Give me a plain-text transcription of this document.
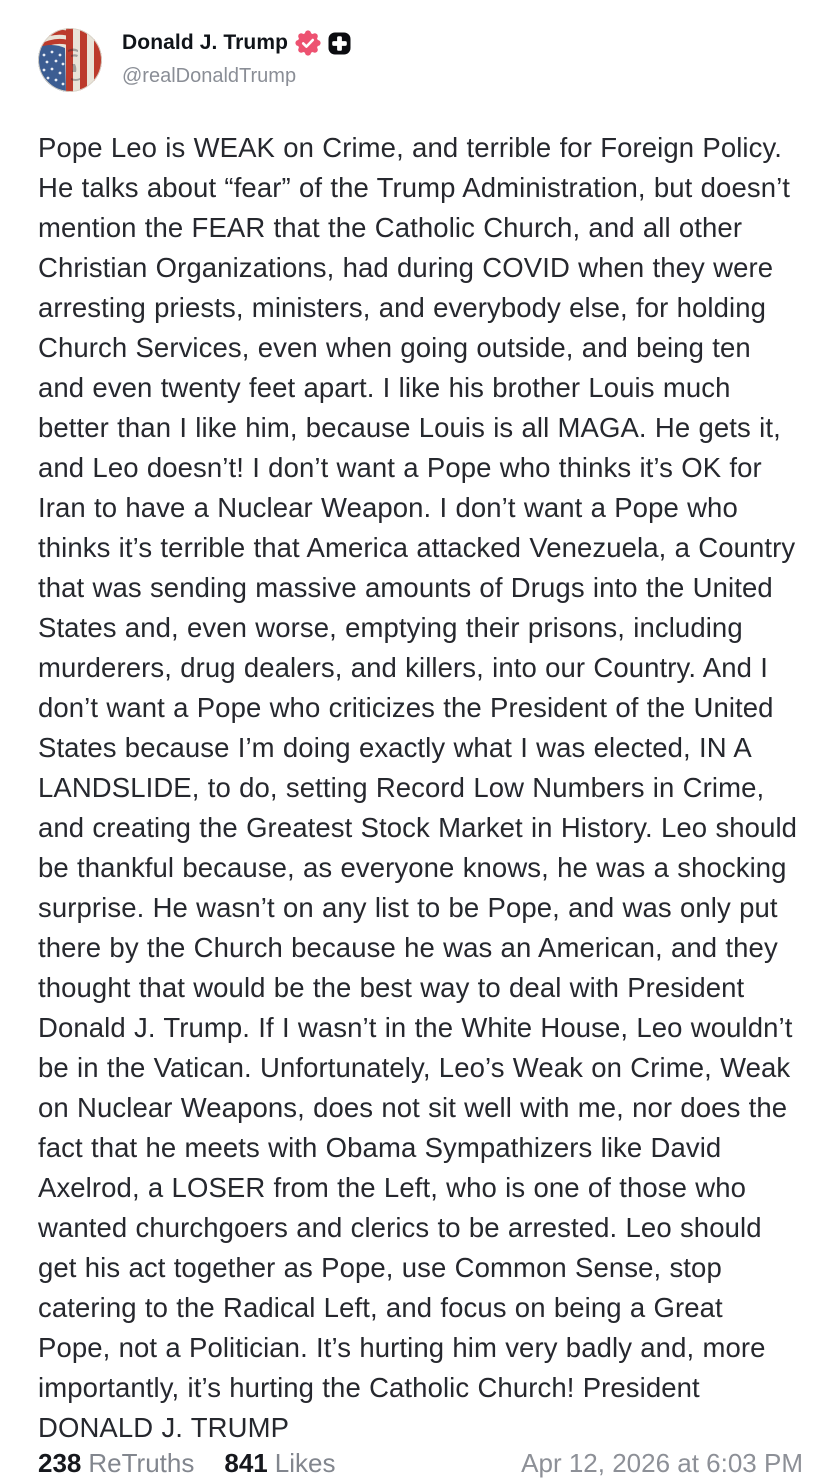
Donald J. Trump
@realDonaldTrump
Pope Leo is WEAK on Crime, and terrible for Foreign Policy. He talks about “fear” of the Trump Administration, but doesn’t mention the FEAR that the Catholic Church, and all other Christian Organizations, had during COVID when they were arresting priests, ministers, and everybody else, for holding Church Services, even when going outside, and being ten and even twenty feet apart. I like his brother Louis much better than I like him, because Louis is all MAGA. He gets it, and Leo doesn’t! I don’t want a Pope who thinks it’s OK for Iran to have a Nuclear Weapon. I don’t want a Pope who thinks it’s terrible that America attacked Venezuela, a Country that was sending massive amounts of Drugs into the United States and, even worse, emptying their prisons, including murderers, drug dealers, and killers, into our Country. And I don’t want a Pope who criticizes the President of the United States because I’m doing exactly what I was elected, IN A LANDSLIDE, to do, setting Record Low Numbers in Crime, and creating the Greatest Stock Market in History. Leo should be thankful because, as everyone knows, he was a shocking surprise. He wasn’t on any list to be Pope, and was only put there by the Church because he was an American, and they thought that would be the best way to deal with President Donald J. Trump. If I wasn’t in the White House, Leo wouldn’t be in the Vatican. Unfortunately, Leo’s Weak on Crime, Weak on Nuclear Weapons, does not sit well with me, nor does the fact that he meets with Obama Sympathizers like David Axelrod, a LOSER from the Left, who is one of those who wanted churchgoers and clerics to be arrested. Leo should get his act together as Pope, use Common Sense, stop catering to the Radical Left, and focus on being a Great Pope, not a Politician. It’s hurting him very badly and, more importantly, it’s hurting the Catholic Church! President DONALD J. TRUMP
238 ReTruths 841 Likes	Apr 12, 2026 at 6:03 PM
